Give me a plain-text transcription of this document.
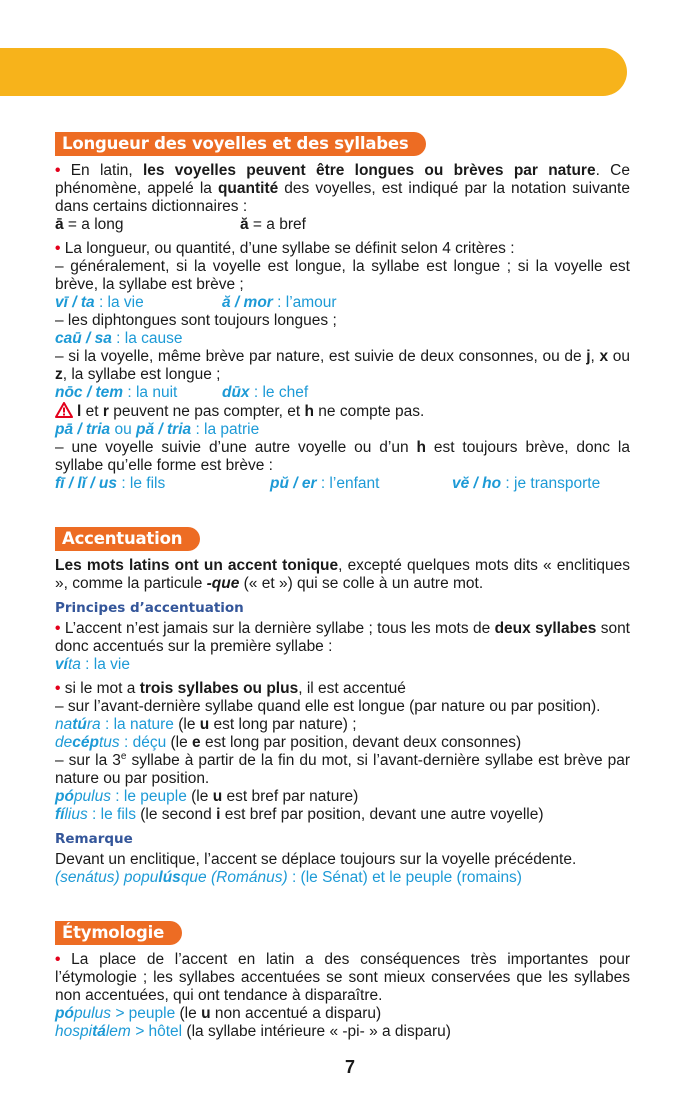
Longueur des voyelles et des syllabes

• En latin, les voyelles peuvent être longues ou brèves par nature. Ce phénomène, appelé la quantité des voyelles, est indiqué par la notation suivante dans certains dictionnaires :

ā = a long	ă = a bref

• La longueur, ou quantité, d’une syllabe se définit selon 4 critères :

– généralement, si la voyelle est longue, la syllabe est longue ; si la voyelle est brève, la syllabe est brève ;

vī / ta : la vie	ă / mor : l’amour

– les diphtongues sont toujours longues ;

caū / sa : la cause

– si la voyelle, même brève par nature, est suivie de deux consonnes, ou de j, x ou z, la syllabe est longue ;

nōc / tem : la nuit	dūx : le chef

l et r peuvent ne pas compter, et h ne compte pas.

pā / tria ou pă / tria : la patrie

– une voyelle suivie d’une autre voyelle ou d’un h est toujours brève, donc la syllabe qu’elle forme est brève :

fī / lĭ / us : le fils	pŭ / er : l’enfant	vĕ / ho : je transporte
Accentuation

Les mots latins ont un accent tonique, excepté quelques mots dits « enclitiques », comme la particule -que (« et ») qui se colle à un autre mot.

Principes d’accentuation

• L’accent n’est jamais sur la dernière syllabe ; tous les mots de deux syllabes sont donc accentués sur la première syllabe :

víta : la vie

• si le mot a trois syllabes ou plus, il est accentué

– sur l’avant-dernière syllabe quand elle est longue (par nature ou par position).

natúra : la nature (le u est long par nature) ;

decéptus : déçu (le e est long par position, devant deux consonnes)

– sur la 3e syllabe à partir de la fin du mot, si l’avant-dernière syllabe est brève par nature ou par position.

pópulus : le peuple (le u est bref par nature)

fílius : le fils (le second i est bref par position, devant une autre voyelle)

Remarque

Devant un enclitique, l’accent se déplace toujours sur la voyelle précédente.

(senátus) populúsque (Románus) : (le Sénat) et le peuple (romains)

Étymologie

• La place de l’accent en latin a des conséquences très importantes pour l’étymologie ; les syllabes accentuées se sont mieux conservées que les syllabes non accentuées, qui ont tendance à disparaître.

pópulus > peuple (le u non accentué a disparu)

hospitálem > hôtel (la syllabe intérieure « -pi- » a disparu)

7
